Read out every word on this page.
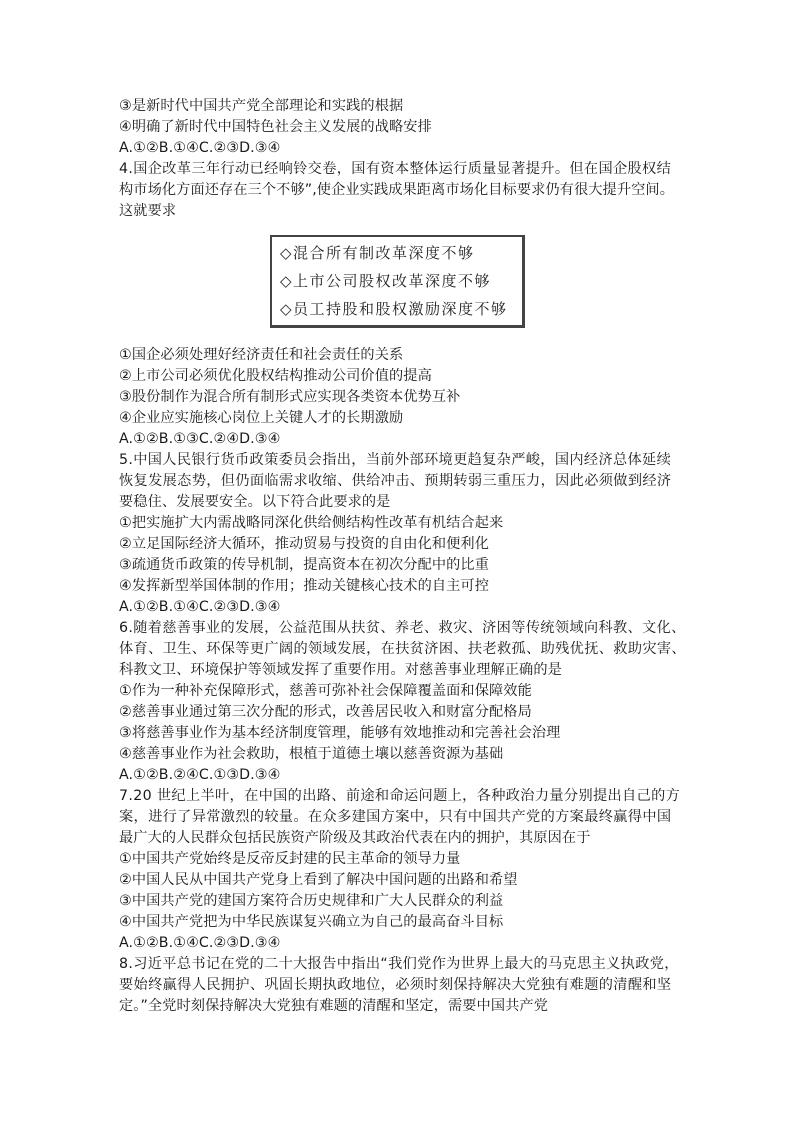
③是新时代中国共产党全部理论和实践的根据
④明确了新时代中国特色社会主义发展的战略安排
A.①②B.①④C.②③D.③④
4.国企改革三年行动已经响铃交卷，国有资本整体运行质量显著提升。但在国企股权结
构市场化方面还存在三个不够”,使企业实践成果距离市场化目标要求仍有很大提升空间。
这就要求
◇混合所有制改革深度不够
◇上市公司股权改革深度不够
◇员工持股和股权激励深度不够
①国企必须处理好经济责任和社会责任的关系
②上市公司必须优化股权结构推动公司价值的提高
③股份制作为混合所有制形式应实现各类资本优势互补
④企业应实施核心岗位上关键人才的长期激励
A.①②B.①③C.②④D.③④
5.中国人民银行货币政策委员会指出，当前外部环境更趋复杂严峻，国内经济总体延续
恢复发展态势，但仍面临需求收缩、供给冲击、预期转弱三重压力，因此必须做到经济
要稳住、发展要安全。以下符合此要求的是
①把实施扩大内需战略同深化供给侧结构性改革有机结合起来
②立足国际经济大循环，推动贸易与投资的自由化和便利化
③疏通货币政策的传导机制，提高资本在初次分配中的比重
④发挥新型举国体制的作用；推动关键核心技术的自主可控
A.①②B.①④C.②③D.③④
6.随着慈善事业的发展，公益范围从扶贫、养老、救灾、济困等传统领域向科教、文化、
体育、卫生、环保等更广阔的领域发展，在扶贫济困、扶老救孤、助残优抚、救助灾害、
科教文卫、环境保护等领域发挥了重要作用。对慈善事业理解正确的是
①作为一种补充保障形式，慈善可弥补社会保障覆盖面和保障效能
②慈善事业通过第三次分配的形式，改善居民收入和财富分配格局
③将慈善事业作为基本经济制度管理，能够有效地推动和完善社会治理
④慈善事业作为社会救助，根植于道德土壤以慈善资源为基础
A.①②B.②④C.①③D.③④
7.20 世纪上半叶，在中国的出路、前途和命运问题上，各种政治力量分别提出自己的方
案，进行了异常激烈的较量。在众多建国方案中，只有中国共产党的方案最终赢得中国
最广大的人民群众包括民族资产阶级及其政治代表在内的拥护，其原因在于
①中国共产党始终是反帝反封建的民主革命的领导力量
②中国人民从中国共产党身上看到了解决中国问题的出路和希望
③中国共产党的建国方案符合历史规律和广大人民群众的利益
④中国共产党把为中华民族谋复兴确立为自己的最高奋斗目标
A.①②B.①④C.②③D.③④
8.习近平总书记在党的二十大报告中指出“我们党作为世界上最大的马克思主义执政党，
要始终赢得人民拥护、巩固长期执政地位，必须时刻保持解决大党独有难题的清醒和坚
定。”全党时刻保持解决大党独有难题的清醒和坚定，需要中国共产党
